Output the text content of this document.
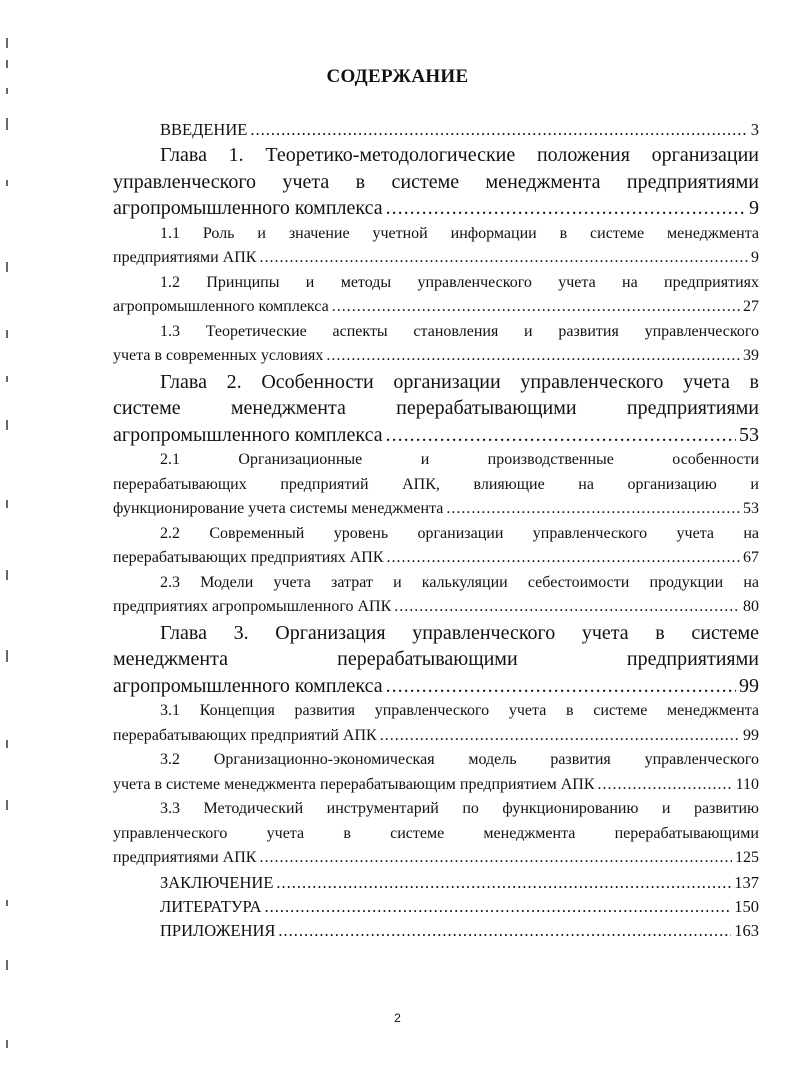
СОДЕРЖАНИЕ
ВВЕДЕНИЕ .....	3
Глава 1. Теоретико-методологические положения организации
управленческого учета в системе менеджмента предприятиями
агропромышленного комплекса .....	9
1.1 Роль и значение учетной информации в системе менеджмента
предприятиями АПК .....	9
1.2 Принципы и методы управленческого учета на предприятиях
агропромышленного комплекса .....	27
1.3 Теоретические аспекты становления и развития управленческого
учета в современных условиях .....	39
Глава 2. Особенности организации управленческого учета в
системе менеджмента перерабатывающими предприятиями
агропромышленного комплекса .....	53
2.1 Организационные и производственные особенности
перерабатывающих предприятий АПК, влияющие на организацию и
функционирование учета системы менеджмента .....	53
2.2 Современный уровень организации управленческого учета на
перерабатывающих предприятиях АПК .....	67
2.3 Модели учета затрат и калькуляции себестоимости продукции на
предприятиях агропромышленного АПК .....	80
Глава 3. Организация управленческого учета в системе
менеджмента перерабатывающими предприятиями
агропромышленного комплекса .....	99
3.1 Концепция развития управленческого учета в системе менеджмента
перерабатывающих предприятий АПК .....	99
3.2 Организационно-экономическая модель развития управленческого
учета в системе менеджмента перерабатывающим предприятием АПК .....	110
3.3 Методический инструментарий по функционированию и развитию
управленческого учета в системе менеджмента перерабатывающими
предприятиями АПК .....	125
ЗАКЛЮЧЕНИЕ .....	137
ЛИТЕРАТУРА .....	150
ПРИЛОЖЕНИЯ .....	163
2
